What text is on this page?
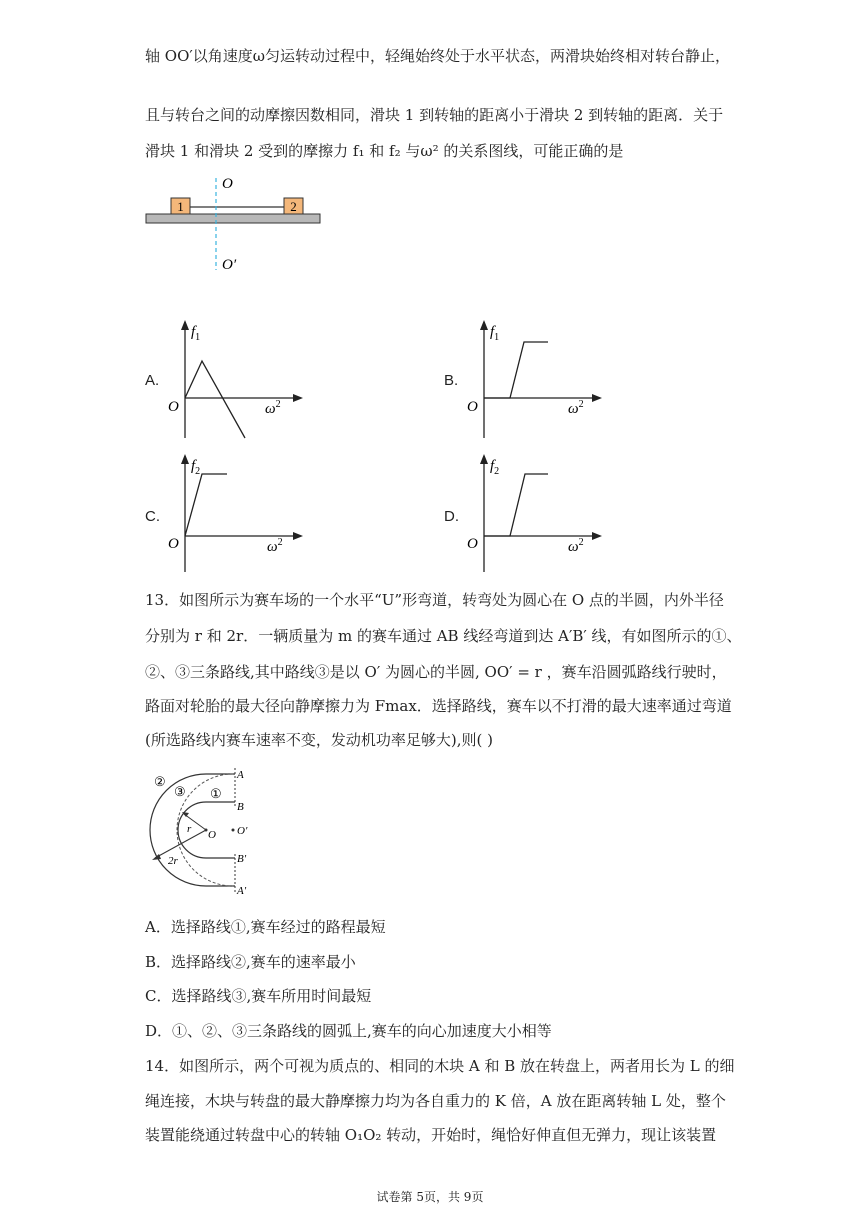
轴 OO′以角速度ω匀运转动过程中，轻绳始终处于水平状态，两滑块始终相对转台静止，
且与转台之间的动摩擦因数相同，滑块 1 到转轴的距离小于滑块 2 到转轴的距离．关于
滑块 1 和滑块 2 受到的摩擦力 f₁ 和 f₂ 与ω² 的关系图线，可能正确的是
1	2
O
O′
A.
$f_1$
O	$\omega^2$
B.
$f_1$
O	$\omega^2$
C.
$f_2$
O	$\omega^2$
D.
$f_2$
O	$\omega^2$
13．如图所示为赛车场的一个水平“U”形弯道，转弯处为圆心在 O 点的半圆，内外半径
分别为 r 和 2r．一辆质量为 m 的赛车通过 AB 线经弯道到达 A′B′ 线，有如图所示的①、
②、③三条路线,其中路线③是以 O′ 为圆心的半圆, OO′ = r ，赛车沿圆弧路线行驶时，
路面对轮胎的最大径向静摩擦力为 Fmax．选择路线，赛车以不打滑的最大速率通过弯道
(所选路线内赛车速率不变，发动机功率足够大),则( )
②
③ ①
A
B
O O′
B′
A′
r
2r
A．选择路线①,赛车经过的路程最短
B．选择路线②,赛车的速率最小
C．选择路线③,赛车所用时间最短
D．①、②、③三条路线的圆弧上,赛车的向心加速度大小相等
14．如图所示，两个可视为质点的、相同的木块 A 和 B 放在转盘上，两者用长为 L 的细
绳连接，木块与转盘的最大静摩擦力均为各自重力的 K 倍，A 放在距离转轴 L 处，整个
装置能绕通过转盘中心的转轴 O₁O₂ 转动，开始时，绳恰好伸直但无弹力，现让该装置
试卷第 5页，共 9页
